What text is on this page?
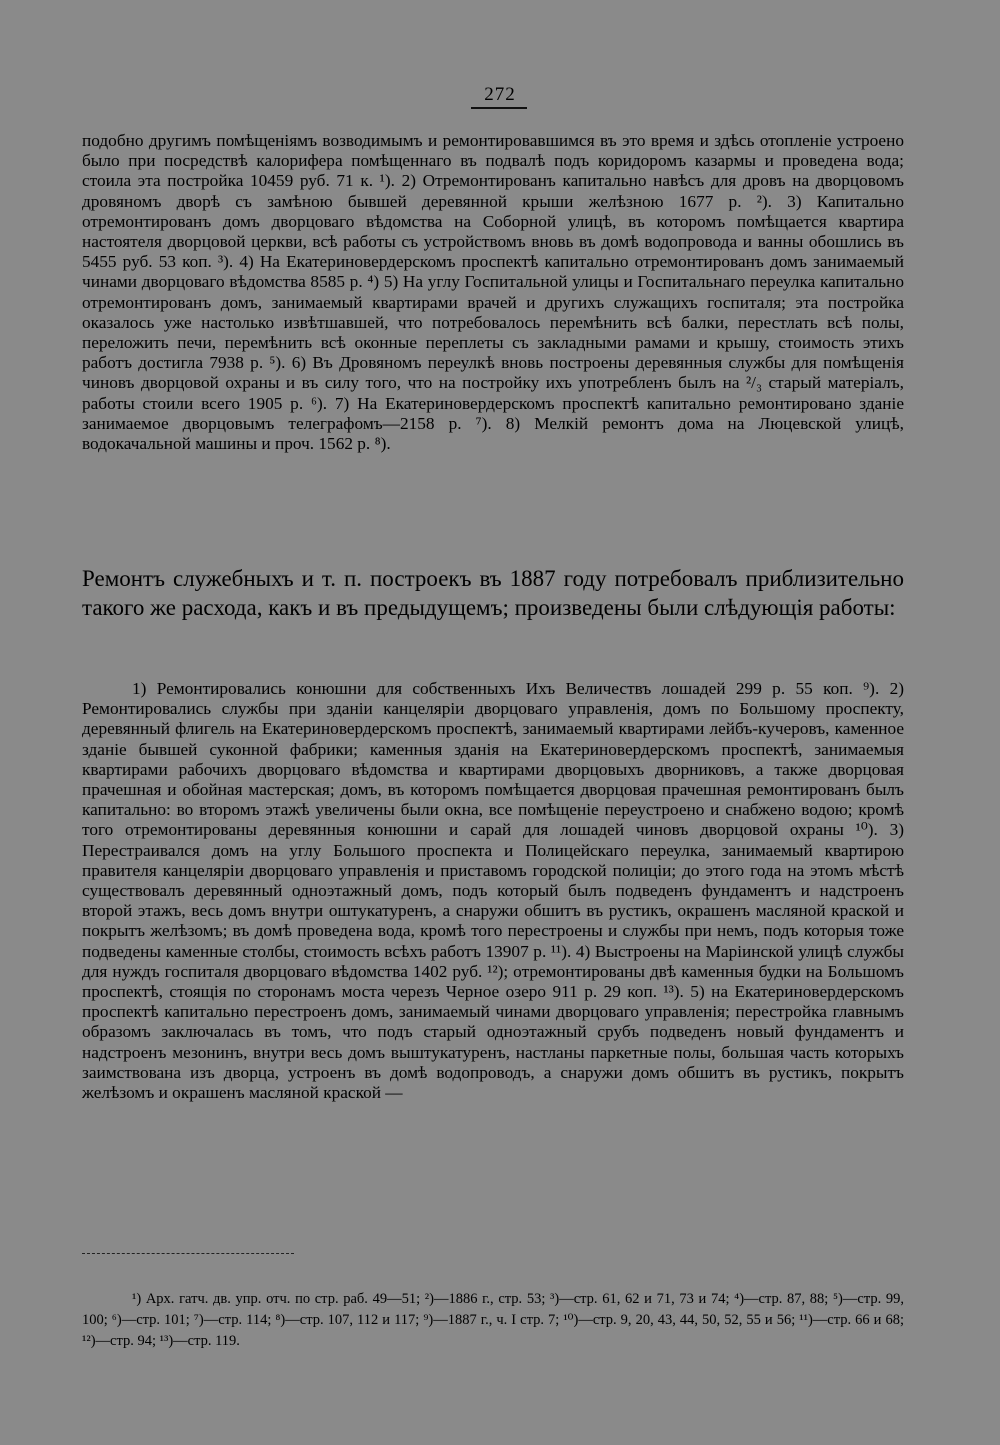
272

подобно другимъ помѣщеніямъ возводимымъ и ремонтировавшимся въ это время и здѣсь отопленіе устроено было при посредствѣ калорифера помѣщеннаго въ подвалѣ подъ коридоромъ казармы и проведена вода; стоила эта постройка 10459 руб. 71 к. ¹). 2) Отремонтированъ капитально навѣсъ для дровъ на дворцовомъ дровяномъ дворѣ съ замѣною бывшей деревянной крыши желѣзною 1677 р. ²). 3) Капитально отремонтированъ домъ дворцоваго вѣдомства на Соборной улицѣ, въ которомъ помѣщается квартира настоятеля дворцовой церкви, всѣ работы съ устройствомъ вновь въ домѣ водопровода и ванны обошлись въ 5455 руб. 53 коп. ³). 4) На Екатериновердерскомъ проспектѣ капитально отремонтированъ домъ занимаемый чинами дворцоваго вѣдомства 8585 р. ⁴) 5) На углу Госпитальной улицы и Госпитальнаго переулка капитально отремонтированъ домъ, занимаемый квартирами врачей и другихъ служащихъ госпиталя; эта постройка оказалось уже настолько извѣтшавшей, что потребовалось перемѣнить всѣ балки, перестлать всѣ полы, переложить печи, перемѣнить всѣ оконные переплеты съ закладными рамами и крышу, стоимость этихъ работъ достигла 7938 р. ⁵). 6) Въ Дровяномъ переулкѣ вновь построены деревянныя службы для помѣщенія чиновъ дворцовой охраны и въ силу того, что на постройку ихъ употребленъ былъ на ²/₃ старый матеріалъ, работы стоили всего 1905 р. ⁶). 7) На Екатериновердерскомъ проспектѣ капитально ремонтировано зданіе занимаемое дворцовымъ телеграфомъ—2158 р. ⁷). 8) Мелкій ремонтъ дома на Люцевской улицѣ, водокачальной машины и проч. 1562 р. ⁸).

Ремонтъ служебныхъ и т. п. построекъ въ 1887 году потребовалъ приблизительно такого же расхода, какъ и въ предыдущемъ; произведены были слѣдующія работы:

1) Ремонтировались конюшни для собственныхъ Ихъ Величествъ лошадей 299 р. 55 коп. ⁹). 2) Ремонтировались службы при зданіи канцеляріи дворцоваго управленія, домъ по Большому проспекту, деревянный флигель на Екатериновердерскомъ проспектѣ, занимаемый квартирами лейбъ-кучеровъ, каменное зданіе бывшей суконной фабрики; каменныя зданія на Екатериновердерскомъ проспектѣ, занимаемыя квартирами рабочихъ дворцоваго вѣдомства и квартирами дворцовыхъ дворниковъ, а также дворцовая прачешная и обойная мастерская; домъ, въ которомъ помѣщается дворцовая прачешная ремонтированъ былъ капитально: во второмъ этажѣ увеличены были окна, все помѣщеніе переустроено и снабжено водою; кромѣ того отремонтированы деревянныя конюшни и сарай для лошадей чиновъ дворцовой охраны ¹⁰). 3) Перестраивался домъ на углу Большого проспекта и Полицейскаго переулка, занимаемый квартирою правителя канцеляріи дворцоваго управленія и приставомъ городской полиціи; до этого года на этомъ мѣстѣ существовалъ деревянный одноэтажный домъ, подъ который былъ подведенъ фундаментъ и надстроенъ второй этажъ, весь домъ внутри оштукатуренъ, а снаружи обшитъ въ рустикъ, окрашенъ масляной краской и покрытъ желѣзомъ; въ домѣ проведена вода, кромѣ того перестроены и службы при немъ, подъ которыя тоже подведены каменные столбы, стоимость всѣхъ работъ 13907 р. ¹¹). 4) Выстроены на Маріинской улицѣ службы для нуждъ госпиталя дворцоваго вѣдомства 1402 руб. ¹²); отремонтированы двѣ каменныя будки на Большомъ проспектѣ, стоящія по сторонамъ моста черезъ Черное озеро 911 р. 29 коп. ¹³). 5) на Екатериновердерскомъ проспектѣ капитально перестроенъ домъ, занимаемый чинами дворцоваго управленія; перестройка главнымъ образомъ заключалась въ томъ, что подъ старый одноэтажный срубъ подведенъ новый фундаментъ и надстроенъ мезонинъ, внутри весь домъ выштукатуренъ, настланы паркетные полы, большая часть которыхъ заимствована изъ дворца, устроенъ въ домѣ водопроводъ, а снаружи домъ обшитъ въ рустикъ, покрытъ желѣзомъ и окрашенъ масляной краской —

¹) Арх. гатч. дв. упр. отч. по стр. раб. 49—51; ²)—1886 г., стр. 53; ³)—стр. 61, 62 и 71, 73 и 74; ⁴)—стр. 87, 88; ⁵)—стр. 99, 100; ⁶)—стр. 101; ⁷)—стр. 114; ⁸)—стр. 107, 112 и 117; ⁹)—1887 г., ч. I стр. 7; ¹⁰)—стр. 9, 20, 43, 44, 50, 52, 55 и 56; ¹¹)—стр. 66 и 68; ¹²)—стр. 94; ¹³)—стр. 119.
